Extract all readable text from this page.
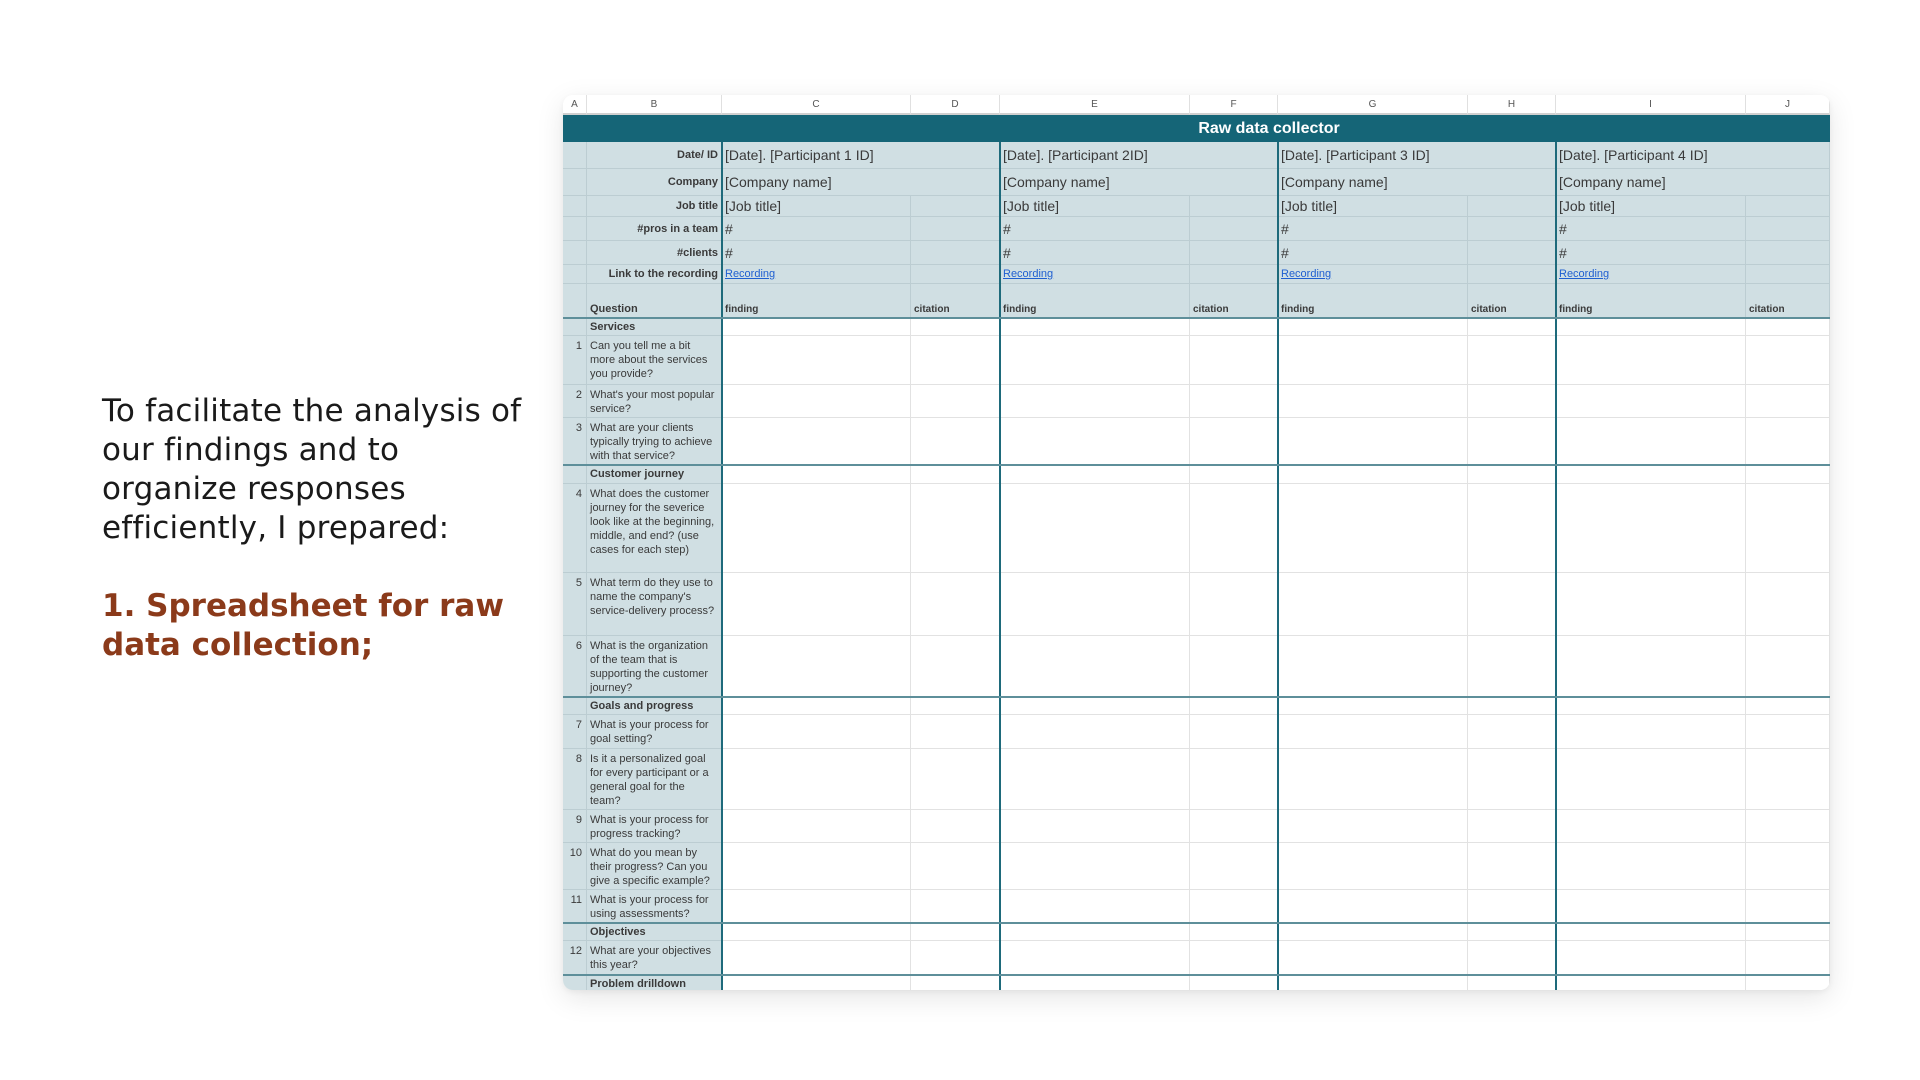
To facilitate the analysis of our findings and to organize responses efficiently, I prepared:
1. Spreadsheet for raw data collection;
A	B	C	D	E	F	G	H	I	J
Raw data collector
Date/ ID [Date]. [Participant 1 ID]	[Date]. [Participant 2ID]	[Date]. [Participant 3 ID]	[Date]. [Participant 4 ID]
Company [Company name]	[Company name]	[Company name]	[Company name]
Job title [Job title]	[Job title]	[Job title]	[Job title]
#pros in a team #	#	#	#
#clients #	#	#	#
Link to the recording Recording	Recording	Recording	Recording
Question	finding	citation	finding	citation	finding	citation	finding	citation
Services
1 Can you tell me a bit more about the services you provide?
2 What's your most popular service?
3 What are your clients typically trying to achieve with that service?
Customer journey
4 What does the customer journey for the severice look like at the beginning, middle, and end? (use cases for each step)
5 What term do they use to name the company's service-delivery process?
6 What is the organization of the team that is supporting the customer journey?
Goals and progress
7 What is your process for goal setting?
8 Is it a personalized goal for every participant or a general goal for the team?
9 What is your process for progress tracking?
10 What do you mean by their progress? Can you give a specific example?
11 What is your process for using assessments?
Objectives
12 What are your objectives this year?
Problem drilldown
